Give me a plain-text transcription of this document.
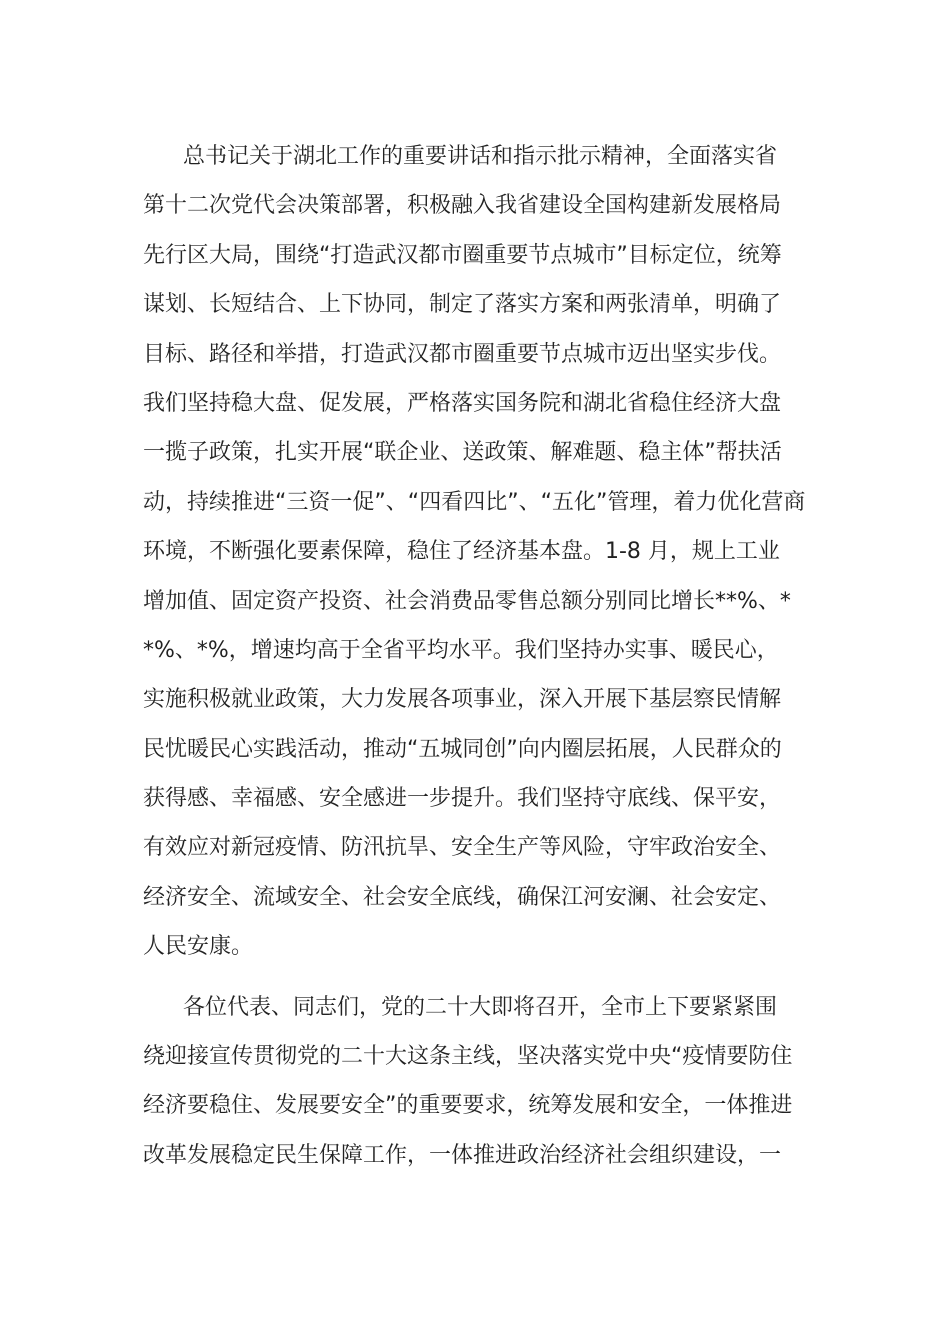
总书记关于湖北工作的重要讲话和指示批示精神，全面落实省
第十二次党代会决策部署，积极融入我省建设全国构建新发展格局
先行区大局，围绕“打造武汉都市圈重要节点城市”目标定位，统筹
谋划、长短结合、上下协同，制定了落实方案和两张清单，明确了
目标、路径和举措，打造武汉都市圈重要节点城市迈出坚实步伐。
我们坚持稳大盘、促发展，严格落实国务院和湖北省稳住经济大盘
一揽子政策，扎实开展“联企业、送政策、解难题、稳主体”帮扶活
动，持续推进“三资一促”、“四看四比”、“五化”管理，着力优化营商
环境，不断强化要素保障，稳住了经济基本盘。1-8 月，规上工业
增加值、固定资产投资、社会消费品零售总额分别同比增长**%、*
*%、*%，增速均高于全省平均水平。我们坚持办实事、暖民心，
实施积极就业政策，大力发展各项事业，深入开展下基层察民情解
民忧暖民心实践活动，推动“五城同创”向内圈层拓展，人民群众的
获得感、幸福感、安全感进一步提升。我们坚持守底线、保平安，
有效应对新冠疫情、防汛抗旱、安全生产等风险，守牢政治安全、
经济安全、流域安全、社会安全底线，确保江河安澜、社会安定、
人民安康。

各位代表、同志们，党的二十大即将召开，全市上下要紧紧围
绕迎接宣传贯彻党的二十大这条主线，坚决落实党中央“疫情要防住
经济要稳住、发展要安全”的重要要求，统筹发展和安全，一体推进
改革发展稳定民生保障工作，一体推进政治经济社会组织建设，一
